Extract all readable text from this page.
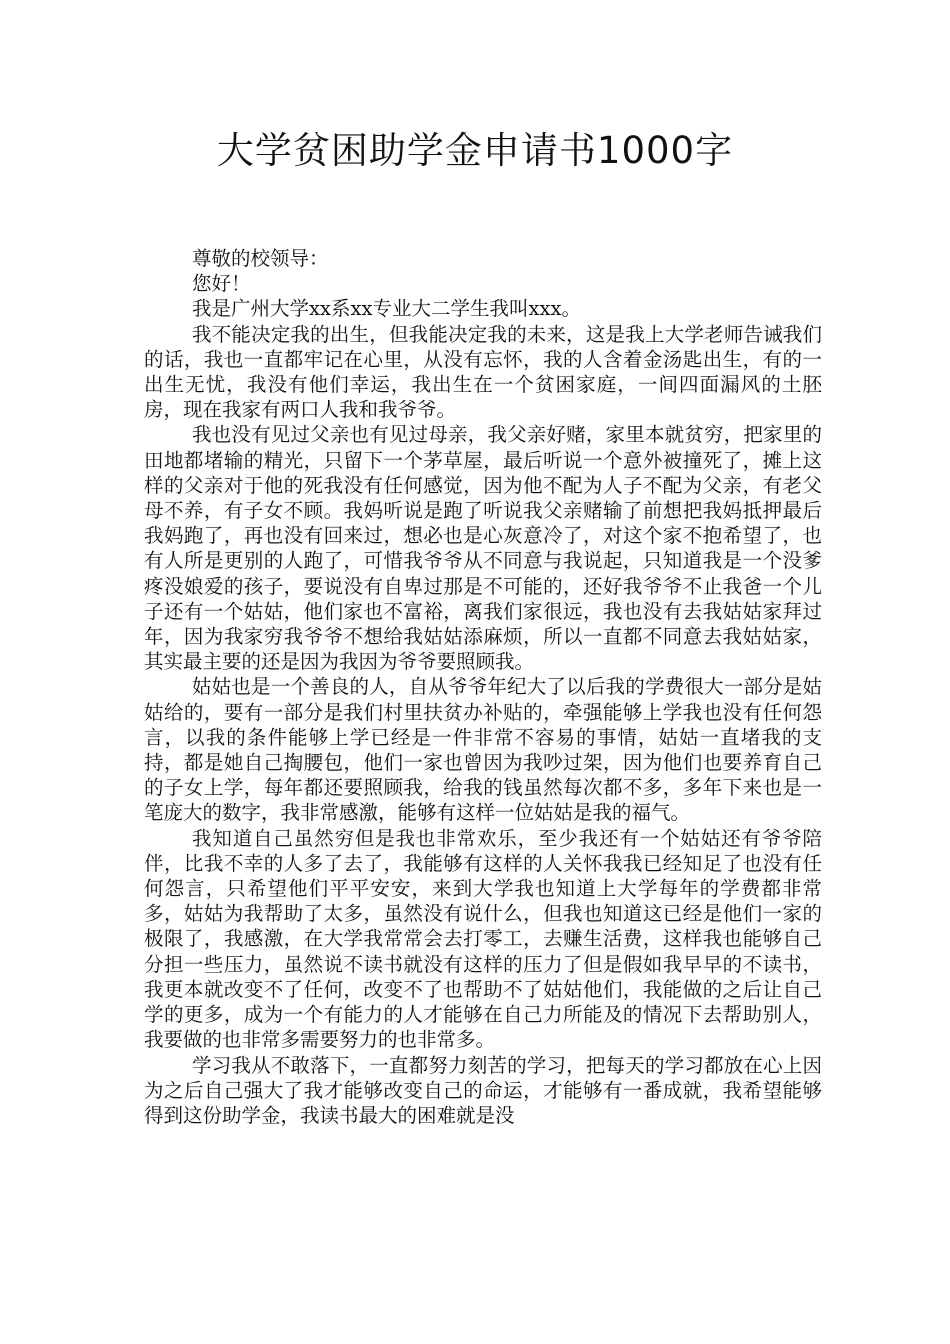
大学贫困助学金申请书1000字

尊敬的校领导：

您好！

我是广州大学xx系xx专业大二学生我叫xxx。

我不能决定我的出生，但我能决定我的未来，这是我上大学老师告诫我们的话，我也一直都牢记在心里，从没有忘怀，我的人含着金汤匙出生，有的一出生无忧，我没有他们幸运，我出生在一个贫困家庭，一间四面漏风的土胚房，现在我家有两口人我和我爷爷。

我也没有见过父亲也有见过母亲，我父亲好赌，家里本就贫穷，把家里的田地都堵输的精光，只留下一个茅草屋，最后听说一个意外被撞死了，摊上这样的父亲对于他的死我没有任何感觉，因为他不配为人子不配为父亲，有老父母不养，有子女不顾。我妈听说是跑了听说我父亲赌输了前想把我妈抵押最后我妈跑了，再也没有回来过，想必也是心灰意冷了，对这个家不抱希望了，也有人所是更别的人跑了，可惜我爷爷从不同意与我说起，只知道我是一个没爹疼没娘爱的孩子，要说没有自卑过那是不可能的，还好我爷爷不止我爸一个儿子还有一个姑姑，他们家也不富裕，离我们家很远，我也没有去我姑姑家拜过年，因为我家穷我爷爷不想给我姑姑添麻烦，所以一直都不同意去我姑姑家，其实最主要的还是因为我因为爷爷要照顾我。

姑姑也是一个善良的人，自从爷爷年纪大了以后我的学费很大一部分是姑姑给的，要有一部分是我们村里扶贫办补贴的，牵强能够上学我也没有任何怨言，以我的条件能够上学已经是一件非常不容易的事情，姑姑一直堵我的支持，都是她自己掏腰包，他们一家也曾因为我吵过架，因为他们也要养育自己的子女上学，每年都还要照顾我，给我的钱虽然每次都不多，多年下来也是一笔庞大的数字，我非常感激，能够有这样一位姑姑是我的福气。

我知道自己虽然穷但是我也非常欢乐，至少我还有一个姑姑还有爷爷陪伴，比我不幸的人多了去了，我能够有这样的人关怀我我已经知足了也没有任何怨言，只希望他们平平安安，来到大学我也知道上大学每年的学费都非常多，姑姑为我帮助了太多，虽然没有说什么，但我也知道这已经是他们一家的极限了，我感激，在大学我常常会去打零工，去赚生活费，这样我也能够自己分担一些压力，虽然说不读书就没有这样的压力了但是假如我早早的不读书，我更本就改变不了任何，改变不了也帮助不了姑姑他们，我能做的之后让自己学的更多，成为一个有能力的人才能够在自己力所能及的情况下去帮助别人，我要做的也非常多需要努力的也非常多。

学习我从不敢落下，一直都努力刻苦的学习，把每天的学习都放在心上因为之后自己强大了我才能够改变自己的命运，才能够有一番成就，我希望能够得到这份助学金，我读书最大的困难就是没
